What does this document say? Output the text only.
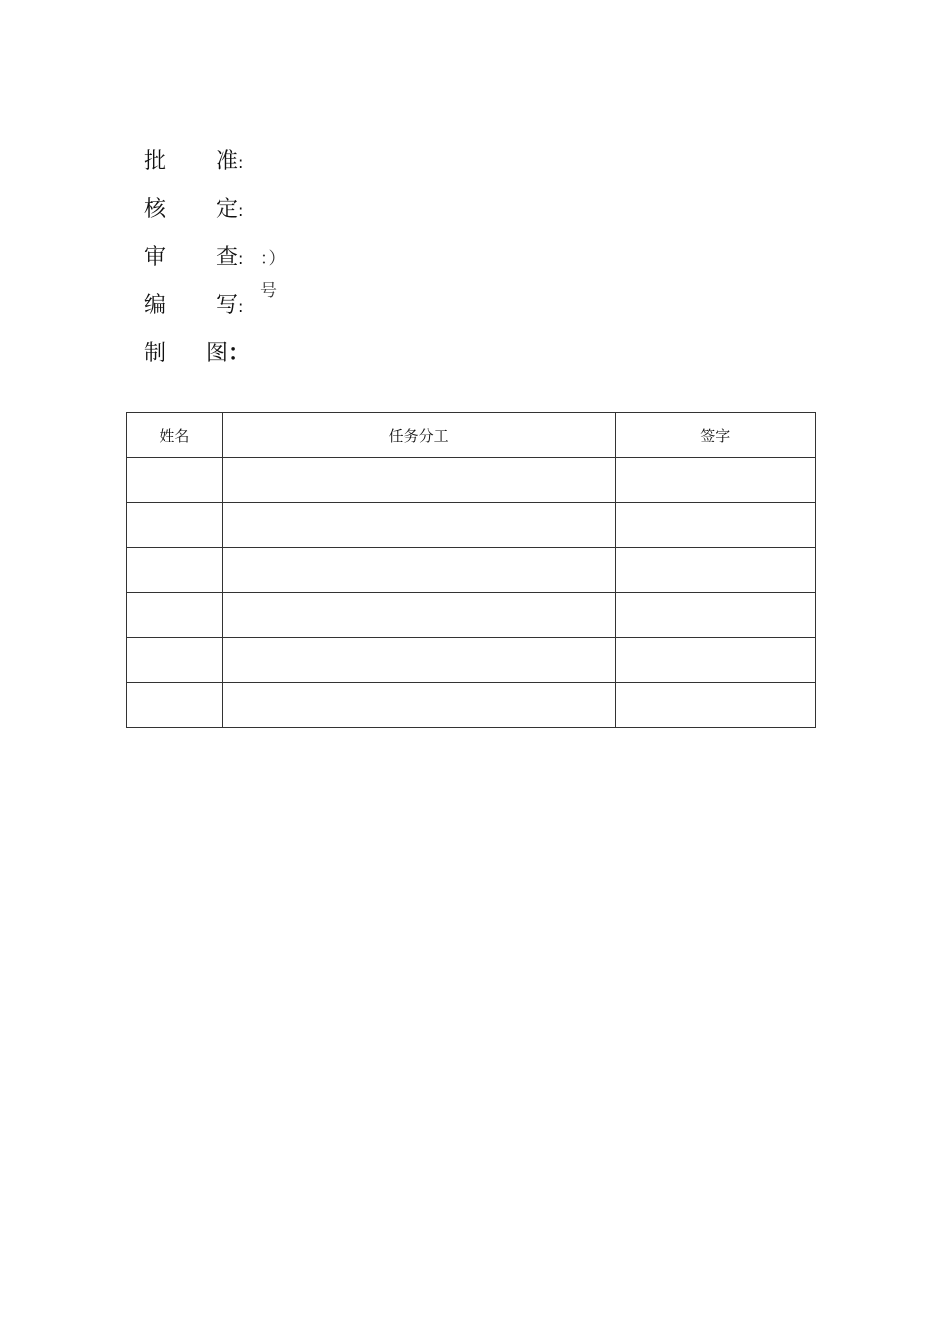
批 准:
核 定:
审 查: ：）号
编 写:
制 图：
姓名	任务分工	签字
